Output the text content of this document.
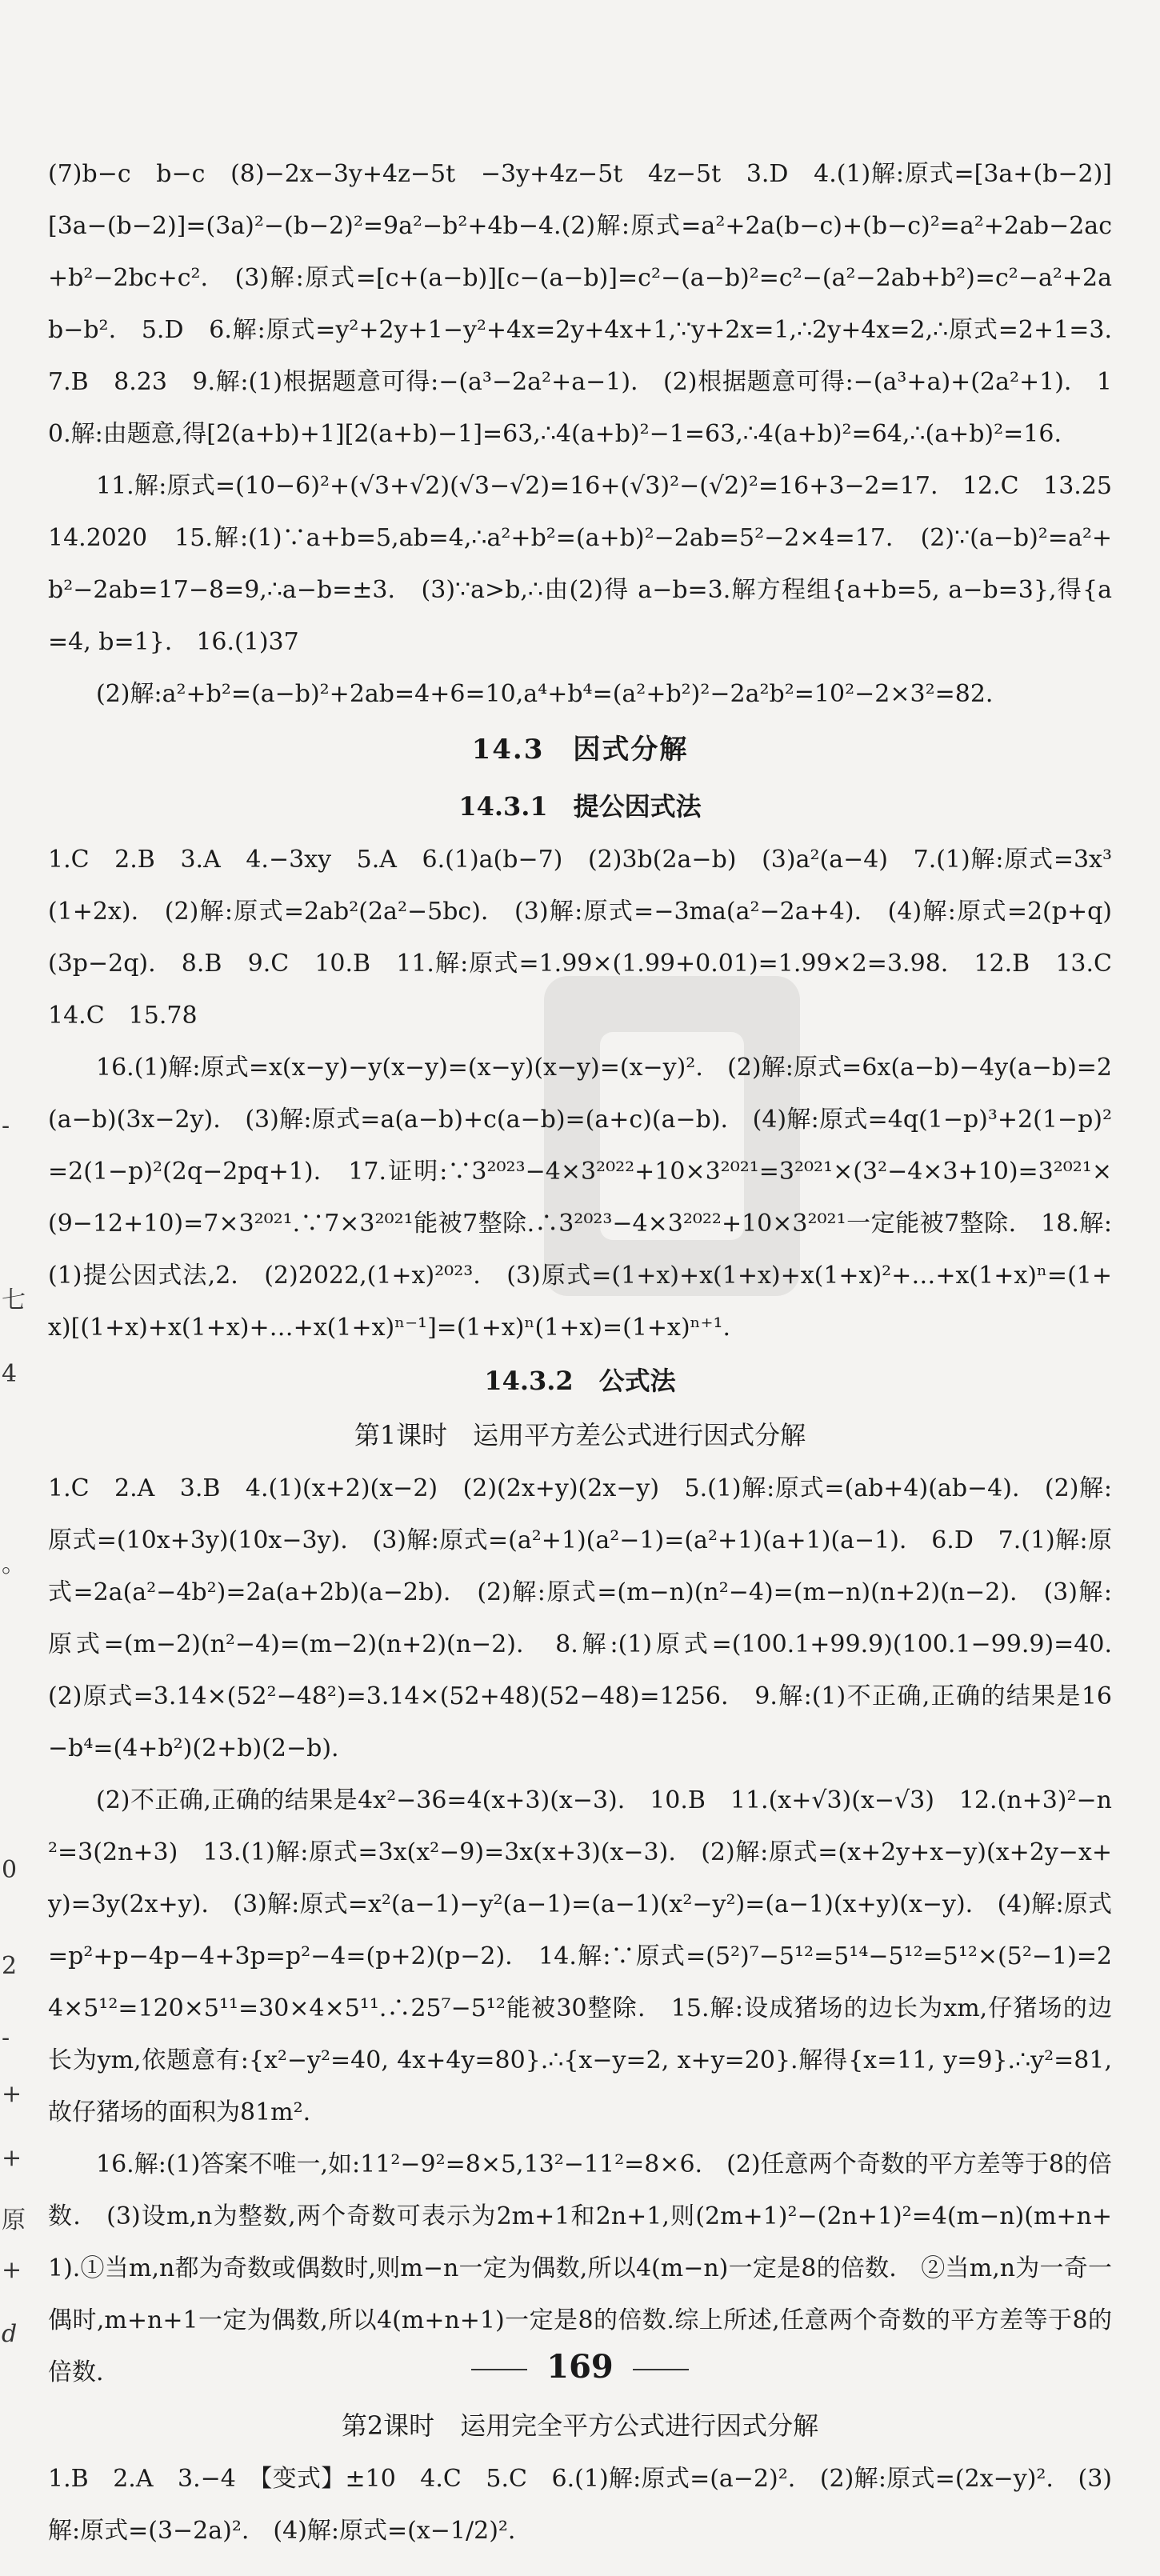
-
七
4
。
0
2
-
+
+
原
+
d

(7)b−c　b−c　(8)−2x−3y+4z−5t　−3y+4z−5t　4z−5t　3.D　4.(1)解:原式=[3a+(b−2)][3a−(b−2)]=(3a)²−(b−2)²=9a²−b²+4b−4.(2)解:原式=a²+2a(b−c)+(b−c)²=a²+2ab−2ac+b²−2bc+c².　(3)解:原式=[c+(a−b)][c−(a−b)]=c²−(a−b)²=c²−(a²−2ab+b²)=c²−a²+2ab−b².　5.D　6.解:原式=y²+2y+1−y²+4x=2y+4x+1,∵y+2x=1,∴2y+4x=2,∴原式=2+1=3.　7.B　8.23　9.解:(1)根据题意可得:−(a³−2a²+a−1).　(2)根据题意可得:−(a³+a)+(2a²+1).　10.解:由题意,得[2(a+b)+1][2(a+b)−1]=63,∴4(a+b)²−1=63,∴4(a+b)²=64,∴(a+b)²=16.

11.解:原式=(10−6)²+(√3+√2)(√3−√2)=16+(√3)²−(√2)²=16+3−2=17.　12.C　13.25　14.2020　15.解:(1)∵a+b=5,ab=4,∴a²+b²=(a+b)²−2ab=5²−2×4=17.　(2)∵(a−b)²=a²+b²−2ab=17−8=9,∴a−b=±3.　(3)∵a>b,∴由(2)得 a−b=3.解方程组{a+b=5, a−b=3},得{a=4, b=1}.　16.(1)37

(2)解:a²+b²=(a−b)²+2ab=4+6=10,a⁴+b⁴=(a²+b²)²−2a²b²=10²−2×3²=82.

14.3　因式分解
14.3.1　提公因式法

1.C　2.B　3.A　4.−3xy　5.A　6.(1)a(b−7)　(2)3b(2a−b)　(3)a²(a−4)　7.(1)解:原式=3x³(1+2x).　(2)解:原式=2ab²(2a²−5bc).　(3)解:原式=−3ma(a²−2a+4).　(4)解:原式=2(p+q)(3p−2q).　8.B　9.C　10.B　11.解:原式=1.99×(1.99+0.01)=1.99×2=3.98.　12.B　13.C　14.C　15.78

16.(1)解:原式=x(x−y)−y(x−y)=(x−y)(x−y)=(x−y)².　(2)解:原式=6x(a−b)−4y(a−b)=2(a−b)(3x−2y).　(3)解:原式=a(a−b)+c(a−b)=(a+c)(a−b).　(4)解:原式=4q(1−p)³+2(1−p)²=2(1−p)²(2q−2pq+1).　17.证明:∵3²⁰²³−4×3²⁰²²+10×3²⁰²¹=3²⁰²¹×(3²−4×3+10)=3²⁰²¹×(9−12+10)=7×3²⁰²¹.∵7×3²⁰²¹能被7整除.∴3²⁰²³−4×3²⁰²²+10×3²⁰²¹一定能被7整除.　18.解:(1)提公因式法,2.　(2)2022,(1+x)²⁰²³.　(3)原式=(1+x)+x(1+x)+x(1+x)²+…+x(1+x)ⁿ=(1+x)[(1+x)+x(1+x)+…+x(1+x)ⁿ⁻¹]=(1+x)ⁿ(1+x)=(1+x)ⁿ⁺¹.

14.3.2　公式法
第1课时　运用平方差公式进行因式分解

1.C　2.A　3.B　4.(1)(x+2)(x−2)　(2)(2x+y)(2x−y)　5.(1)解:原式=(ab+4)(ab−4).　(2)解:原式=(10x+3y)(10x−3y).　(3)解:原式=(a²+1)(a²−1)=(a²+1)(a+1)(a−1).　6.D　7.(1)解:原式=2a(a²−4b²)=2a(a+2b)(a−2b).　(2)解:原式=(m−n)(n²−4)=(m−n)(n+2)(n−2).　(3)解:原式=(m−2)(n²−4)=(m−2)(n+2)(n−2).　8.解:(1)原式=(100.1+99.9)(100.1−99.9)=40.　(2)原式=3.14×(52²−48²)=3.14×(52+48)(52−48)=1256.　9.解:(1)不正确,正确的结果是16−b⁴=(4+b²)(2+b)(2−b).

(2)不正确,正确的结果是4x²−36=4(x+3)(x−3).　10.B　11.(x+√3)(x−√3)　12.(n+3)²−n²=3(2n+3)　13.(1)解:原式=3x(x²−9)=3x(x+3)(x−3).　(2)解:原式=(x+2y+x−y)(x+2y−x+y)=3y(2x+y).　(3)解:原式=x²(a−1)−y²(a−1)=(a−1)(x²−y²)=(a−1)(x+y)(x−y).　(4)解:原式=p²+p−4p−4+3p=p²−4=(p+2)(p−2).　14.解:∵原式=(5²)⁷−5¹²=5¹⁴−5¹²=5¹²×(5²−1)=24×5¹²=120×5¹¹=30×4×5¹¹.∴25⁷−5¹²能被30整除.　15.解:设成猪场的边长为xm,仔猪场的边长为ym,依题意有:{x²−y²=40, 4x+4y=80}.∴{x−y=2, x+y=20}.解得{x=11, y=9}.∴y²=81,故仔猪场的面积为81m².

16.解:(1)答案不唯一,如:11²−9²=8×5,13²−11²=8×6.　(2)任意两个奇数的平方差等于8的倍数.　(3)设m,n为整数,两个奇数可表示为2m+1和2n+1,则(2m+1)²−(2n+1)²=4(m−n)(m+n+1).①当m,n都为奇数或偶数时,则m−n一定为偶数,所以4(m−n)一定是8的倍数.　②当m,n为一奇一偶时,m+n+1一定为偶数,所以4(m+n+1)一定是8的倍数.综上所述,任意两个奇数的平方差等于8的倍数.

第2课时　运用完全平方公式进行因式分解

1.B　2.A　3.−4　【变式】±10　4.C　5.C　6.(1)解:原式=(a−2)².　(2)解:原式=(2x−y)².　(3)解:原式=(3−2a)².　(4)解:原式=(x−1/2)².

169
